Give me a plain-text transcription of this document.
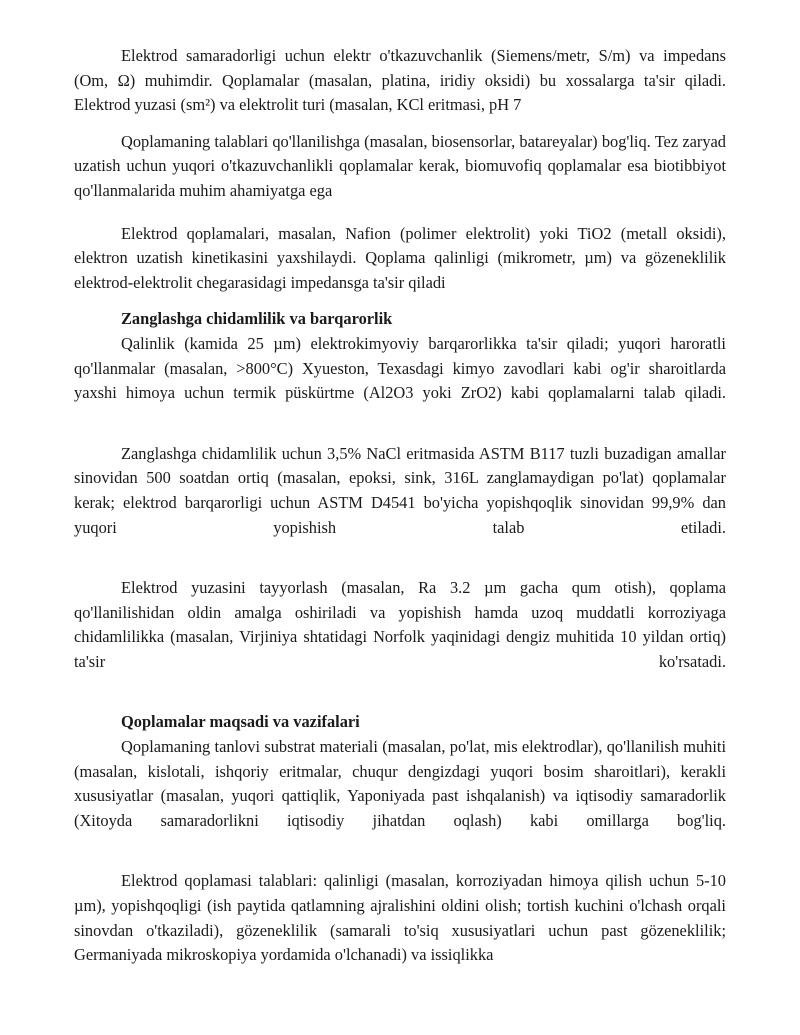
Elektrod samaradorligi uchun elektr o'tkazuvchanlik (Siemens/metr, S/m) va impedans (Om, Ω) muhimdir. Qoplamalar (masalan, platina, iridiy oksidi) bu xossalarga ta'sir qiladi. Elektrod yuzasi (sm²) va elektrolit turi (masalan, KCl eritmasi, pH 7

Qoplamaning talablari qo'llanilishga (masalan, biosensorlar, batareyalar) bog'liq. Tez zaryad uzatish uchun yuqori o'tkazuvchanlikli qoplamalar kerak, biomuvofiq qoplamalar esa biotibbiyot qo'llanmalarida muhim ahamiyatga ega

Elektrod qoplamalari, masalan, Nafion (polimer elektrolit) yoki TiO2 (metall oksidi), elektron uzatish kinetikasini yaxshilaydi. Qoplama qalinligi (mikrometr, µm) va gözeneklilik elektrod-elektrolit chegarasidagi impedansga ta'sir qiladi

Zanglashga chidamlilik va barqarorlik

Qalinlik (kamida 25 µm) elektrokimyoviy barqarorlikka ta'sir qiladi; yuqori haroratli qo'llanmalar (masalan, >800°C) Xyueston, Texasdagi kimyo zavodlari kabi og'ir sharoitlarda yaxshi himoya uchun termik püskürtme (Al2O3 yoki ZrO2) kabi qoplamalarni talab qiladi.

Zanglashga chidamlilik uchun 3,5% NaCl eritmasida ASTM B117 tuzli buzadigan amallar sinovidan 500 soatdan ortiq (masalan, epoksi, sink, 316L zanglamaydigan po'lat) qoplamalar kerak; elektrod barqarorligi uchun ASTM D4541 bo'yicha yopishqoqlik sinovidan 99,9% dan yuqori yopishish talab etiladi.

Elektrod yuzasini tayyorlash (masalan, Ra 3.2 µm gacha qum otish), qoplama qo'llanilishidan oldin amalga oshiriladi va yopishish hamda uzoq muddatli korroziyaga chidamlilikka (masalan, Virjiniya shtatidagi Norfolk yaqinidagi dengiz muhitida 10 yildan ortiq) ta'sir ko'rsatadi.

Qoplamalar maqsadi va vazifalari

Qoplamaning tanlovi substrat materiali (masalan, po'lat, mis elektrodlar), qo'llanilish muhiti (masalan, kislotali, ishqoriy eritmalar, chuqur dengizdagi yuqori bosim sharoitlari), kerakli xususiyatlar (masalan, yuqori qattiqlik, Yaponiyada past ishqalanish) va iqtisodiy samaradorlik (Xitoyda samaradorlikni iqtisodiy jihatdan oqlash) kabi omillarga bog'liq.

Elektrod qoplamasi talablari: qalinligi (masalan, korroziyadan himoya qilish uchun 5-10 µm), yopishqoqligi (ish paytida qatlamning ajralishini oldini olish; tortish kuchini o'lchash orqali sinovdan o'tkaziladi), gözeneklilik (samarali to'siq xususiyatlari uchun past gözeneklilik; Germaniyada mikroskopiya yordamida o'lchanadi) va issiqlikka
